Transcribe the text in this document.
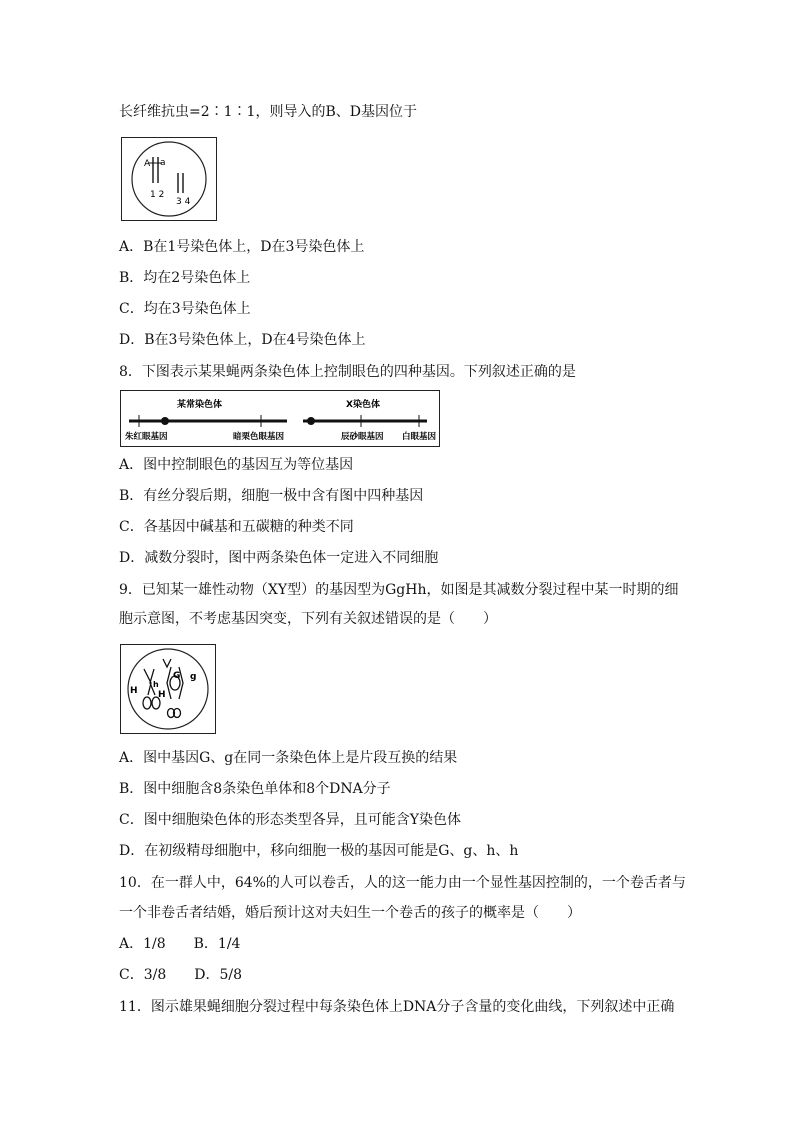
长纤维抗虫=2∶1∶1，则导入的B、D基因位于
A a
1 2
3 4
A．B在1号染色体上，D在3号染色体上
B．均在2号染色体上
C．均在3号染色体上
D．B在3号染色体上，D在4号染色体上
8．下图表示某果蝇两条染色体上控制眼色的四种基因。下列叙述正确的是
某常染色体	X染色体
朱红眼基因	暗栗色眼基因	辰砂眼基因 白眼基因
A．图中控制眼色的基因互为等位基因
B．有丝分裂后期，细胞一极中含有图中四种基因
C．各基因中碱基和五碳糖的种类不同
D．减数分裂时，图中两条染色体一定进入不同细胞
9．已知某一雄性动物（XY型）的基因型为GgHh，如图是其减数分裂过程中某一时期的细
胞示意图，不考虑基因突变，下列有关叙述错误的是（　　）
H H
h
G g
A．图中基因G、g在同一条染色体上是片段互换的结果
B．图中细胞含8条染色单体和8个DNA分子
C．图中细胞染色体的形态类型各异，且可能含Y染色体
D．在初级精母细胞中，移向细胞一极的基因可能是G、g、h、h
10．在一群人中，64%的人可以卷舌，人的这一能力由一个显性基因控制的，一个卷舌者与
一个非卷舌者结婚，婚后预计这对夫妇生一个卷舌的孩子的概率是（　　）
A．1/8　　B．1/4
C．3/8　　D．5/8
11．图示雄果蝇细胞分裂过程中每条染色体上DNA分子含量的变化曲线，下列叙述中正确
